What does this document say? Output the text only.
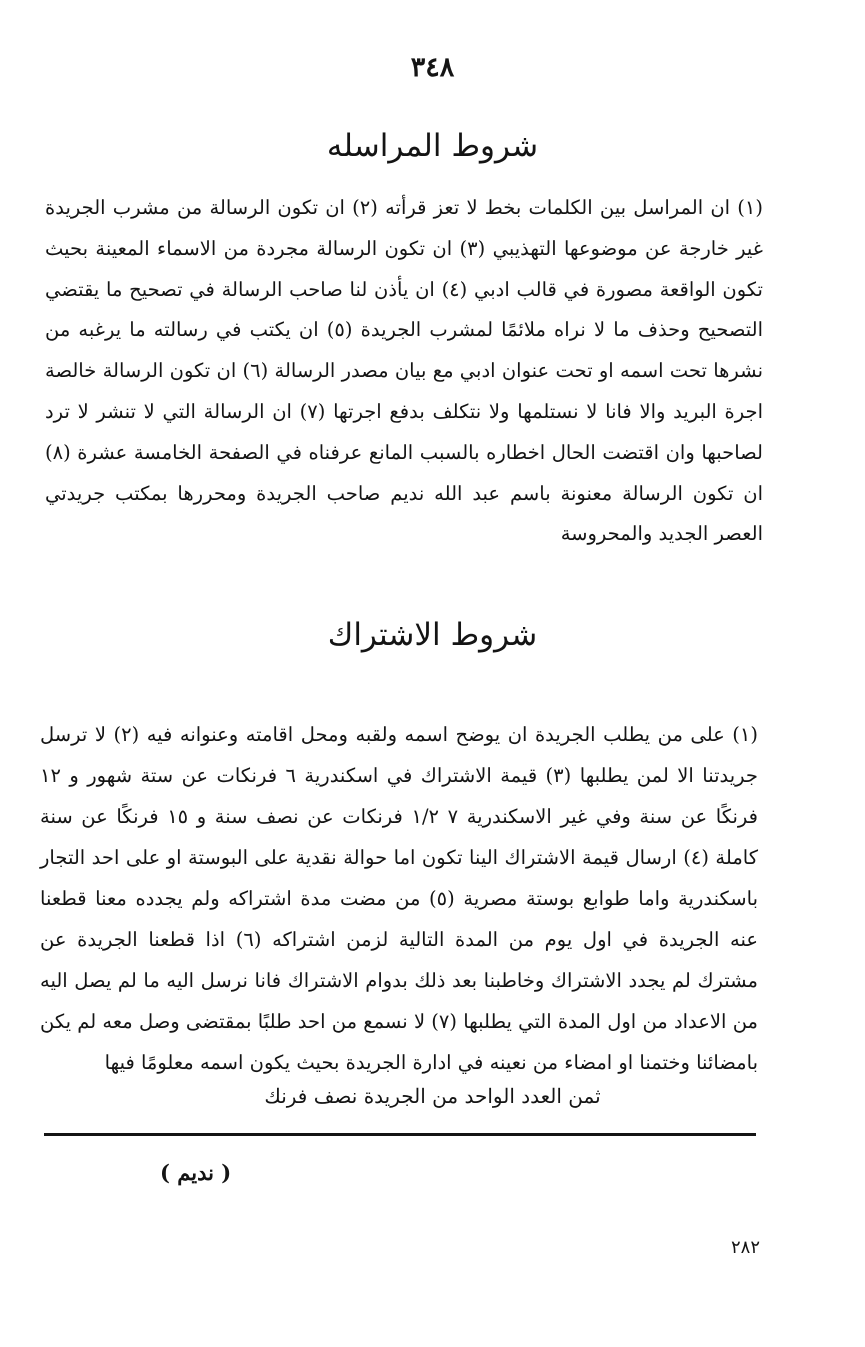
٣٤٨
شروط المراسله

(١) ان المراسل بين الكلمات بخط لا تعز قرأته (٢) ان تكون الرسالة من مشرب الجريدة غير خارجة عن موضوعها التهذيبي (٣) ان تكون الرسالة مجردة من الاسماء المعينة بحيث تكون الواقعة مصورة في قالب ادبي (٤) ان يأذن لنا صاحب الرسالة في تصحيح ما يقتضي التصحيح وحذف ما لا نراه ملائمًا لمشرب الجريدة (٥) ان يكتب في رسالته ما يرغبه من نشرها تحت اسمه او تحت عنوان ادبي مع بيان مصدر الرسالة (٦) ان تكون الرسالة خالصة اجرة البريد والا فانا لا نستلمها ولا نتكلف بدفع اجرتها (٧) ان الرسالة التي لا تنشر لا ترد لصاحبها وان اقتضت الحال اخطاره بالسبب المانع عرفناه في الصفحة الخامسة عشرة (٨) ان تكون الرسالة معنونة باسم عبد الله نديم صاحب الجريدة ومحررها بمكتب جريدتي العصر الجديد والمحروسة

شروط الاشتراك

(١) على من يطلب الجريدة ان يوضح اسمه ولقبه ومحل اقامته وعنوانه فيه (٢) لا ترسل جريدتنا الا لمن يطلبها (٣) قيمة الاشتراك في اسكندرية ٦ فرنكات عن ستة شهور و ١٢ فرنكًا عن سنة وفي غير الاسكندرية ٧ ١/٢ فرنكات عن نصف سنة و ١٥ فرنكًا عن سنة كاملة (٤) ارسال قيمة الاشتراك الينا تكون اما حوالة نقدية على البوستة او على احد التجار باسكندرية واما طوابع بوستة مصرية (٥) من مضت مدة اشتراكه ولم يجدده معنا قطعنا عنه الجريدة في اول يوم من المدة التالية لزمن اشتراكه (٦) اذا قطعنا الجريدة عن مشترك لم يجدد الاشتراك وخاطبنا بعد ذلك بدوام الاشتراك فانا نرسل اليه ما لم يصل اليه من الاعداد من اول المدة التي يطلبها (٧) لا نسمع من احد طلبًا بمقتضى وصل معه لم يكن بامضائنا وختمنا او امضاء من نعينه في ادارة الجريدة بحيث يكون اسمه معلومًا فيها

ثمن العدد الواحد من الجريدة نصف فرنك
( نديم )
٢٨٢
